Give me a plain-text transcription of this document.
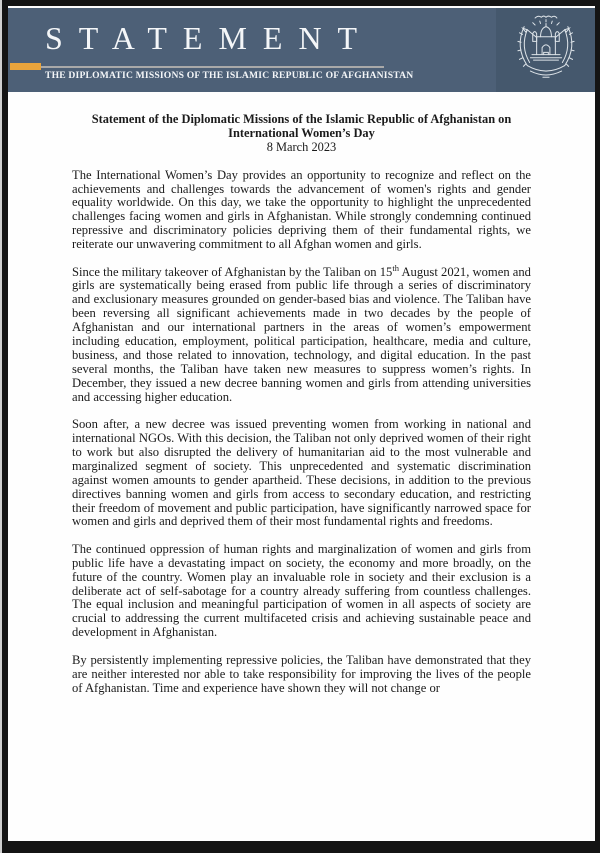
STATEMENT
THE DIPLOMATIC MISSIONS OF THE ISLAMIC REPUBLIC OF AFGHANISTAN
Statement of the Diplomatic Missions of the Islamic Republic of Afghanistan on
International Women’s Day
8 March 2023

The International Women’s Day provides an opportunity to recognize and reflect on the achievements and challenges towards the advancement of women's rights and gender equality worldwide. On this day, we take the opportunity to highlight the unprecedented challenges facing women and girls in Afghanistan. While strongly condemning continued repressive and discriminatory policies depriving them of their fundamental rights, we reiterate our unwavering commitment to all Afghan women and girls.

Since the military takeover of Afghanistan by the Taliban on 15th August 2021, women and girls are systematically being erased from public life through a series of discriminatory and exclusionary measures grounded on gender-based bias and violence. The Taliban have been reversing all significant achievements made in two decades by the people of Afghanistan and our international partners in the areas of women’s empowerment including education, employment, political participation, healthcare, media and culture, business, and those related to innovation, technology, and digital education. In the past several months, the Taliban have taken new measures to suppress women’s rights. In December, they issued a new decree banning women and girls from attending universities and accessing higher education.

Soon after, a new decree was issued preventing women from working in national and international NGOs. With this decision, the Taliban not only deprived women of their right to work but also disrupted the delivery of humanitarian aid to the most vulnerable and marginalized segment of society. This unprecedented and systematic discrimination against women amounts to gender apartheid. These decisions, in addition to the previous directives banning women and girls from access to secondary education, and restricting their freedom of movement and public participation, have significantly narrowed space for women and girls and deprived them of their most fundamental rights and freedoms.

The continued oppression of human rights and marginalization of women and girls from public life have a devastating impact on society, the economy and more broadly, on the future of the country. Women play an invaluable role in society and their exclusion is a deliberate act of self-sabotage for a country already suffering from countless challenges. The equal inclusion and meaningful participation of women in all aspects of society are crucial to addressing the current multifaceted crisis and achieving sustainable peace and development in Afghanistan.

By persistently implementing repressive policies, the Taliban have demonstrated that they are neither interested nor able to take responsibility for improving the lives of the people of Afghanistan. Time and experience have shown they will not change or
